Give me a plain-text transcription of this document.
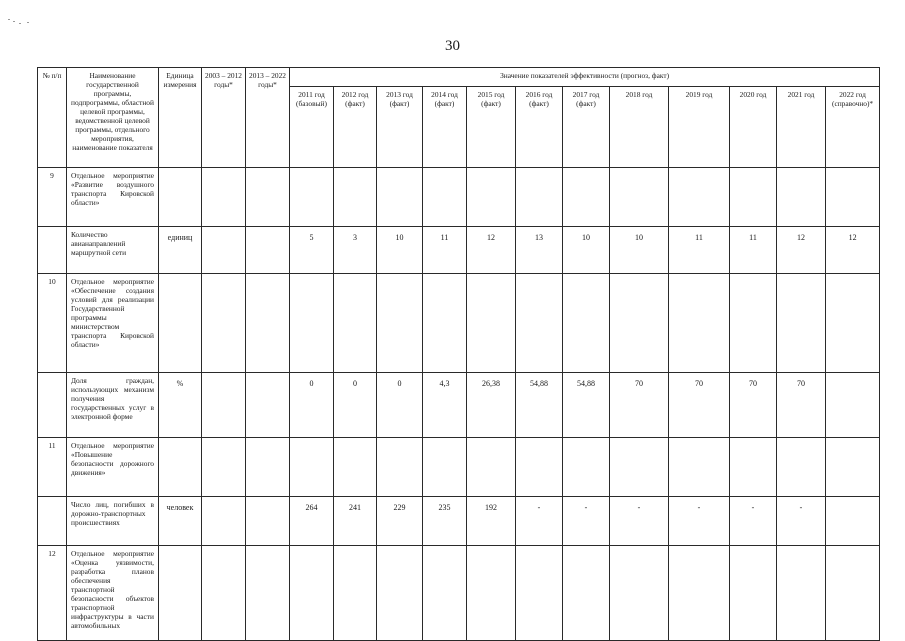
30
№ п/п	Наименование государственной программы, подпрограммы, областной целевой программы, ведомственной целевой программы, отдельного мероприятия, наименование показателя	Единица измерения	2003 – 2012 годы*	2013 – 2022 годы*	Значение показателей эффективности (прогноз, факт)											
					2011 год (базовый)	2012 год (факт)	2013 год (факт)	2014 год (факт)	2015 год (факт)	2016 год (факт)	2017 год (факт)	2018 год	2019 год	2020 год	2021 год	2022 год (справочно)*
9	Отдельное мероприятие «Развитие воздушного транспорта Кировской области»															
	Количество авианаправлений маршрутной сети	единиц			5	3	10	11	12	13	10	10	11	11	12	12
10	Отдельное мероприятие «Обеспечение создания условий для реализации Государственной программы министерством транспорта Кировской области»															
	Доля граждан, использующих механизм получения государственных услуг в электронной форме	%			0	0	0	4,3	26,38	54,88	54,88	70	70	70	70	
11	Отдельное мероприятие «Повышение безопасности дорожного движения»															
	Число лиц, погибших в дорожно-транспортных происшествиях	человек			264	241	229	235	192	-	-	-	-	-	-	
12	Отдельное мероприятие «Оценка уязвимости, разработка планов обеспечения транспортной безопасности объектов транспортной инфраструктуры в части автомобильных															
